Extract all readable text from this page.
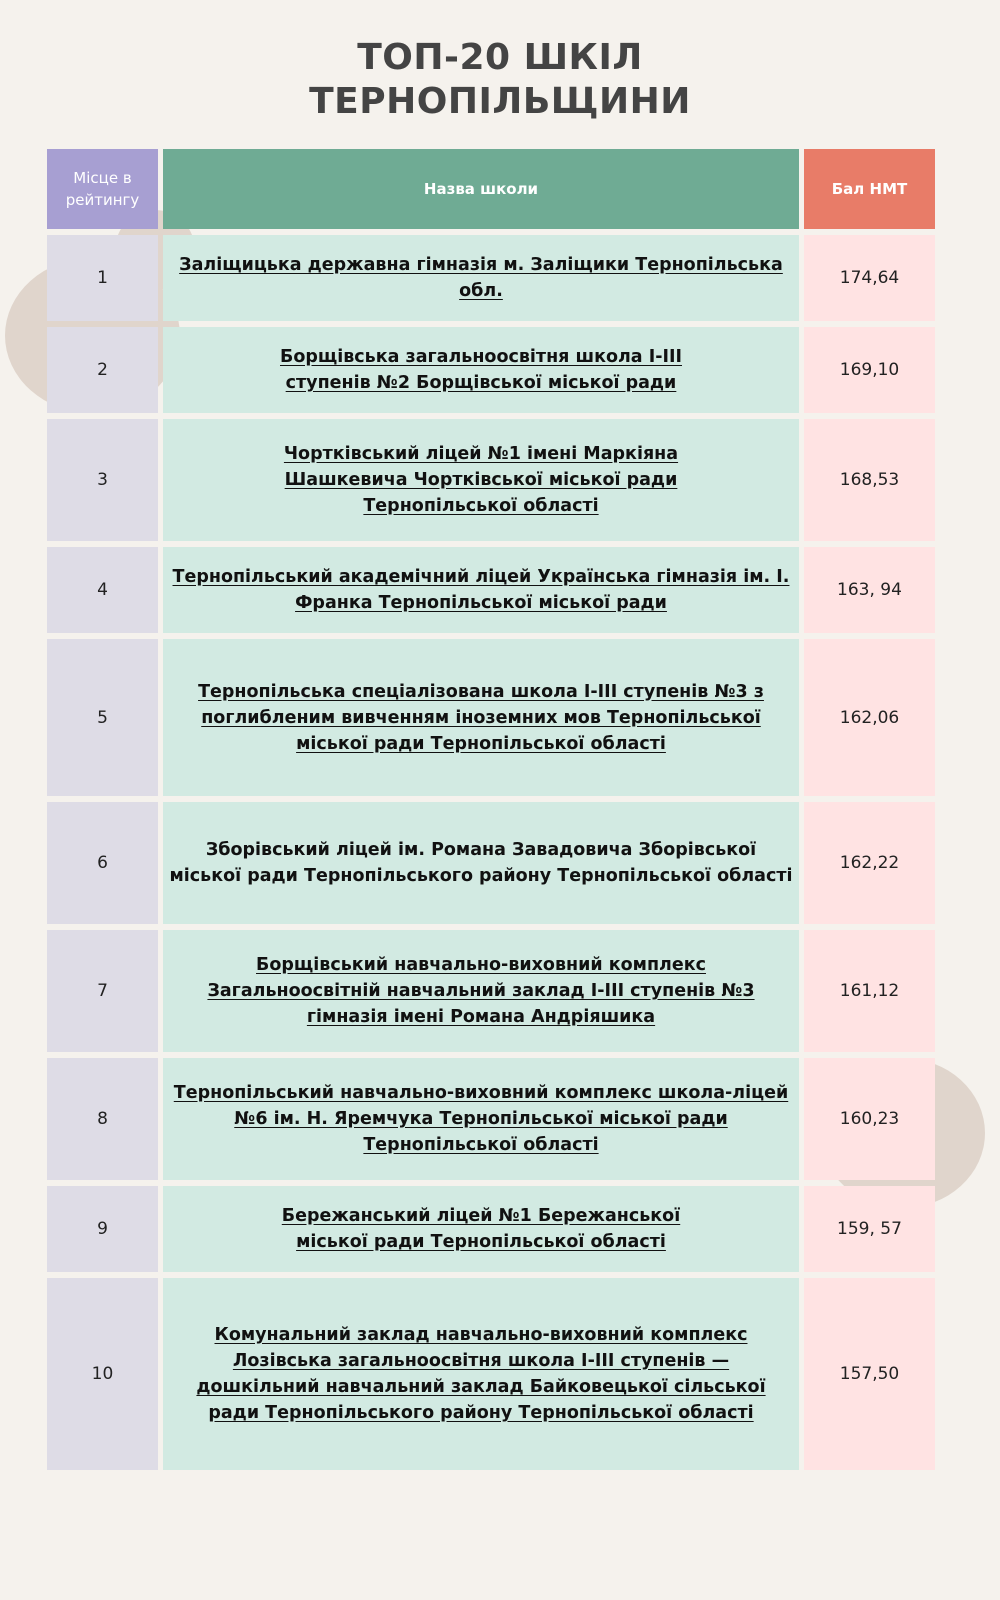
ТОП-20 ШКІЛ
ТЕРНОПІЛЬЩИНИ
Місце в рейтингу
Назва школи	Бал НМТ
1
Заліщицька державна гімназія м. Заліщики Тернопільська обл.
174,64
2
Борщівська загальноосвітня школа І-ІІІ ступенів №2 Борщівської міської ради
169,10
3
Чортківський ліцей №1 імені Маркіяна Шашкевича Чортківської міської ради Тернопільської області
168,53
4
Тернопільський академічний ліцей Українська гімназія ім. І. Франка Тернопільської міської ради
163, 94
5
Тернопільська спеціалізована школа І-ІІІ ступенів №3 з поглибленим вивченням іноземних мов Тернопільської міської ради Тернопільської області
162,06
6
Зборівський ліцей ім. Романа Завадовича Зборівської міської ради Тернопільського району Тернопільської області
162,22
7
Борщівський навчально-виховний комплекс Загальноосвітній навчальний заклад І-ІІІ ступенів №3 гімназія імені Романа Андріяшика
161,12
8
Тернопільський навчально-виховний комплекс школа-ліцей №6 ім. Н. Яремчука Тернопільської міської ради Тернопільської області
160,23
9
Бережанський ліцей №1 Бережанської міської ради Тернопільської області
159, 57
10
Комунальний заклад навчально-виховний комплекс Лозівська загальноосвітня школа І-ІІІ ступенів — дошкільний навчальний заклад Байковецької сільської ради Тернопільського району Тернопільської області
157,50
